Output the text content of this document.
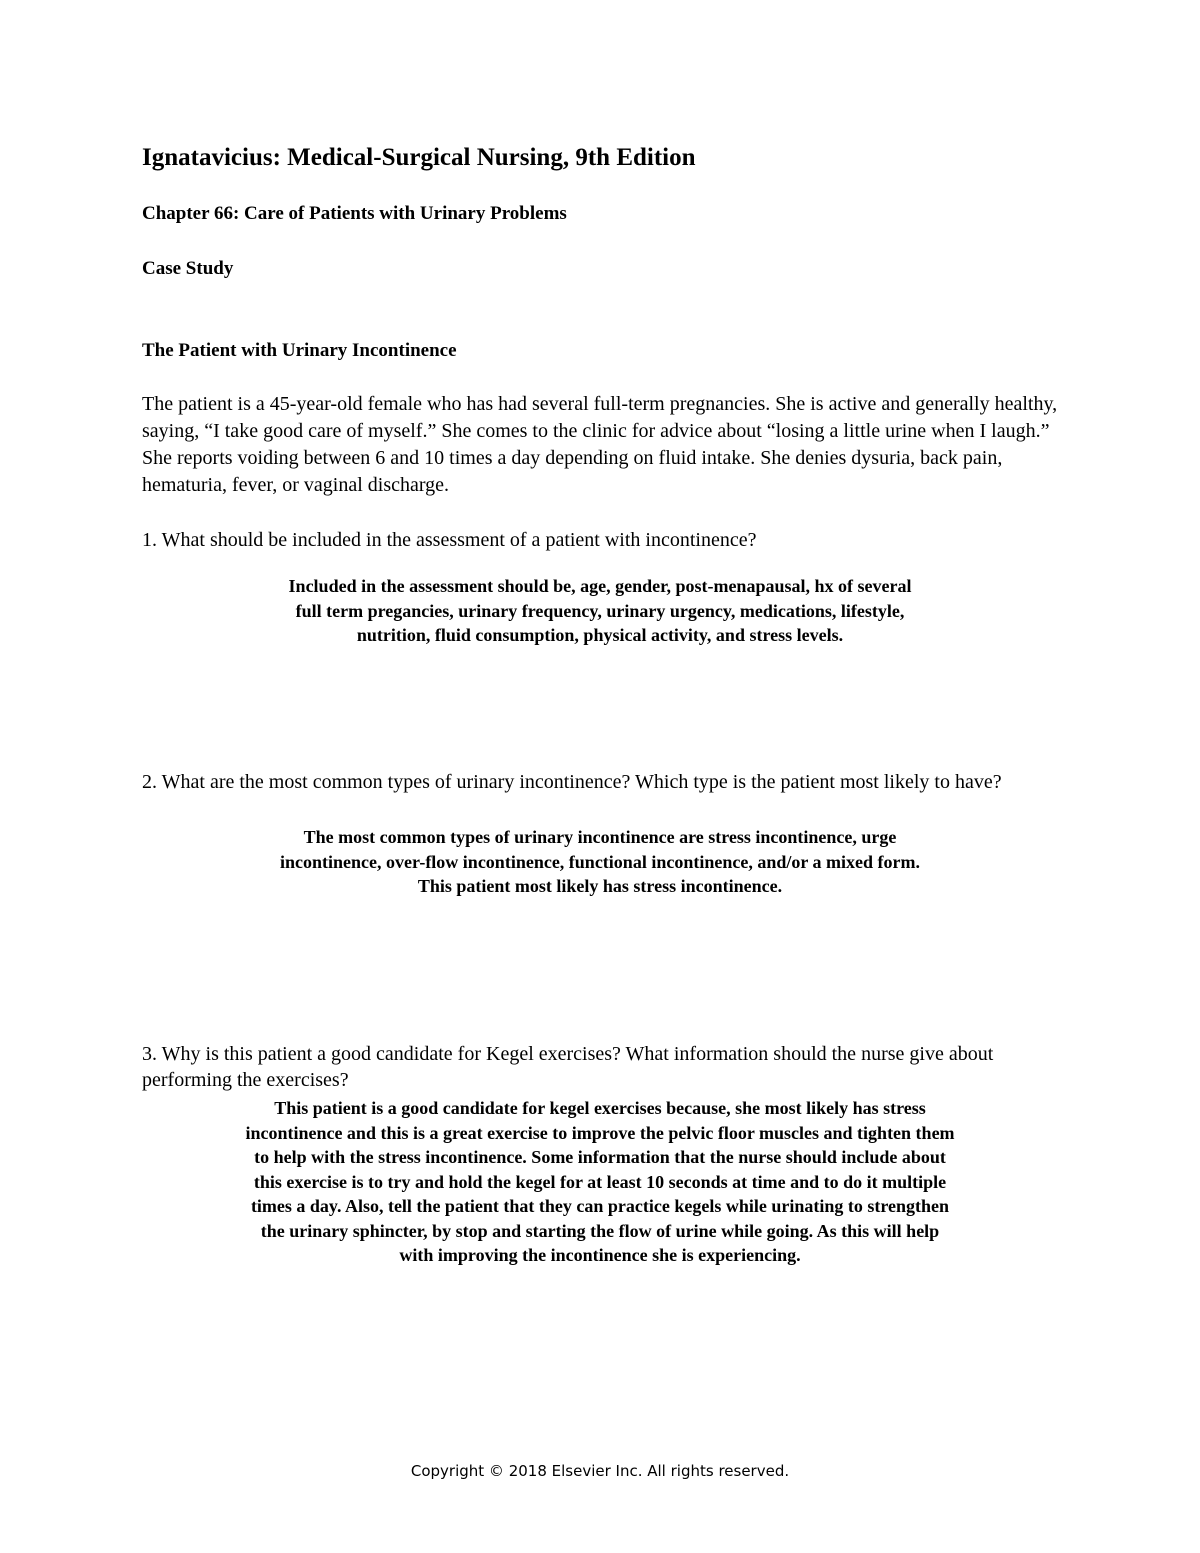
Ignatavicius: Medical-Surgical Nursing, 9th Edition
Chapter 66: Care of Patients with Urinary Problems
Case Study
The Patient with Urinary Incontinence
The patient is a 45-year-old female who has had several full-term pregnancies. She is active and generally healthy, saying, “I take good care of myself.” She comes to the clinic for advice about “losing a little urine when I laugh.” She reports voiding between 6 and 10 times a day depending on fluid intake. She denies dysuria, back pain, hematuria, fever, or vaginal discharge.
1. What should be included in the assessment of a patient with incontinence?
Included in the assessment should be, age, gender, post-menapausal, hx of several
full term pregancies, urinary frequency, urinary urgency, medications, lifestyle,
nutrition, fluid consumption, physical activity, and stress levels.
2. What are the most common types of urinary incontinence? Which type is the patient most likely to have?
The most common types of urinary incontinence are stress incontinence, urge
incontinence, over-flow incontinence, functional incontinence, and/or a mixed form.
This patient most likely has stress incontinence.
3. Why is this patient a good candidate for Kegel exercises? What information should the nurse give about performing the exercises?
This patient is a good candidate for kegel exercises because, she most likely has stress
incontinence and this is a great exercise to improve the pelvic floor muscles and tighten them
to help with the stress incontinence. Some information that the nurse should include about
this exercise is to try and hold the kegel for at least 10 seconds at time and to do it multiple
times a day. Also, tell the patient that they can practice kegels while urinating to strengthen
the urinary sphincter, by stop and starting the flow of urine while going. As this will help
with improving the incontinence she is experiencing.
Copyright © 2018 Elsevier Inc. All rights reserved.
